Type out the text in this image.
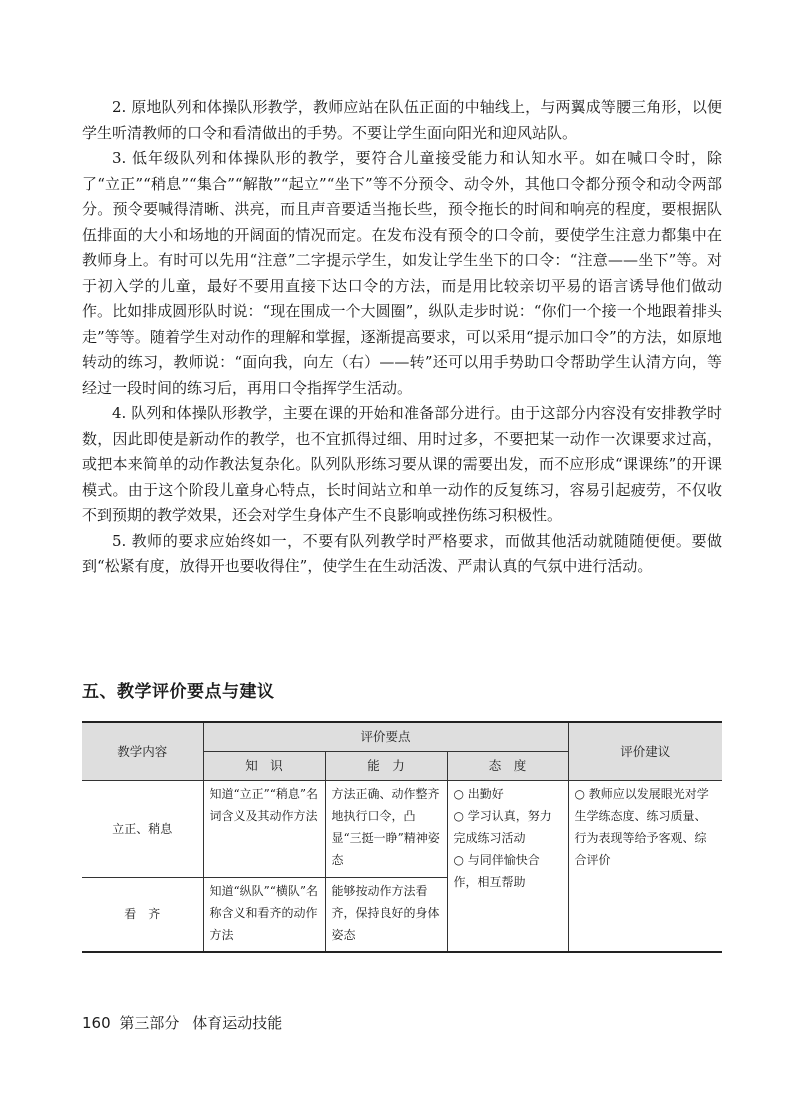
2. 原地队列和体操队形教学，教师应站在队伍正面的中轴线上，与两翼成等腰三角形，以便学生听清教师的口令和看清做出的手势。不要让学生面向阳光和迎风站队。

3. 低年级队列和体操队形的教学，要符合儿童接受能力和认知水平。如在喊口令时，除了“立正”“稍息”“集合”“解散”“起立”“坐下”等不分预令、动令外，其他口令都分预令和动令两部分。预令要喊得清晰、洪亮，而且声音要适当拖长些，预令拖长的时间和响亮的程度，要根据队伍排面的大小和场地的开阔面的情况而定。在发布没有预令的口令前，要使学生注意力都集中在教师身上。有时可以先用“注意”二字提示学生，如发让学生坐下的口令：“注意——坐下”等。对于初入学的儿童，最好不要用直接下达口令的方法，而是用比较亲切平易的语言诱导他们做动作。比如排成圆形队时说：“现在围成一个大圆圈”，纵队走步时说：“你们一个接一个地跟着排头走”等等。随着学生对动作的理解和掌握，逐渐提高要求，可以采用“提示加口令”的方法，如原地转动的练习，教师说：“面向我，向左（右）——转”还可以用手势助口令帮助学生认清方向，等经过一段时间的练习后，再用口令指挥学生活动。

4. 队列和体操队形教学，主要在课的开始和准备部分进行。由于这部分内容没有安排教学时数，因此即使是新动作的教学，也不宜抓得过细、用时过多，不要把某一动作一次课要求过高，或把本来简单的动作教法复杂化。队列队形练习要从课的需要出发，而不应形成“课课练”的开课模式。由于这个阶段儿童身心特点，长时间站立和单一动作的反复练习，容易引起疲劳，不仅收不到预期的教学效果，还会对学生身体产生不良影响或挫伤练习积极性。

5. 教师的要求应始终如一，不要有队列教学时严格要求，而做其他活动就随随便便。要做到“松紧有度，放得开也要收得住”，使学生在生动活泼、严肃认真的气氛中进行活动。

五、教学评价要点与建议
教学内容	评价要点			评价建议
	知　识	能　力	态　度	
立正、稍息	知道“立正”“稍息”名词含义及其动作方法	方法正确、动作整齐地执行口令，凸显“三挺一睁”精神姿态	○ 出勤好
○ 学习认真，努力完成练习活动
○ 与同伴愉快合作，相互帮助	○ 教师应以发展眼光对学生学练态度、练习质量、行为表现等给予客观、综合评价
看　齐	知道“纵队”“横队”名称含义和看齐的动作方法	能够按动作方法看齐，保持良好的身体姿态		
160 第三部分 体育运动技能
